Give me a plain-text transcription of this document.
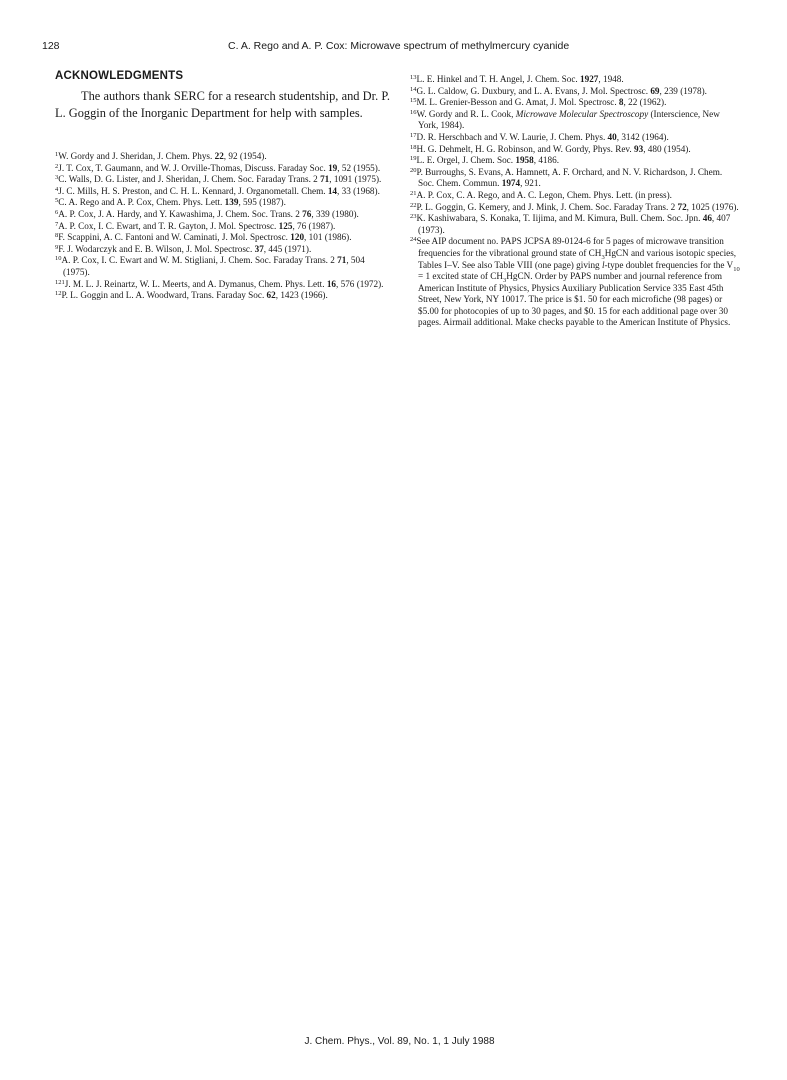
128	C. A. Rego and A. P. Cox: Microwave spectrum of methylmercury cyanide
ACKNOWLEDGMENTS

The authors thank SERC for a research studentship, and Dr. P. L. Goggin of the Inorganic Department for help with samples.

$^1$W. Gordy and J. Sheridan, J. Chem. Phys. 22, 92 (1954).

$^2$J. T. Cox, T. Gaumann, and W. J. Orville-Thomas, Discuss. Faraday Soc. 19, 52 (1955).

$^3$C. Walls, D. G. Lister, and J. Sheridan, J. Chem. Soc. Faraday Trans. 2 71, 1091 (1975).

$^4$J. C. Mills, H. S. Preston, and C. H. L. Kennard, J. Organometall. Chem. 14, 33 (1968).

$^5$C. A. Rego and A. P. Cox, Chem. Phys. Lett. 139, 595 (1987).

$^6$A. P. Cox, J. A. Hardy, and Y. Kawashima, J. Chem. Soc. Trans. 2 76, 339 (1980).

$^7$A. P. Cox, I. C. Ewart, and T. R. Gayton, J. Mol. Spectrosc. 125, 76 (1987).

$^8$F. Scappini, A. C. Fantoni and W. Caminati, J. Mol. Spectrosc. 120, 101 (1986).

$^9$F. J. Wodarczyk and E. B. Wilson, J. Mol. Spectrosc. 37, 445 (1971).

$^{10}$A. P. Cox, I. C. Ewart and W. M. Stigliani, J. Chem. Soc. Faraday Trans. 2 71, 504 (1975).

$^{121}$J. M. L. J. Reinartz, W. L. Meerts, and A. Dymanus, Chem. Phys. Lett. 16, 576 (1972).

$^{12}$P. L. Goggin and L. A. Woodward, Trans. Faraday Soc. 62, 1423 (1966).

$^{13}$L. E. Hinkel and T. H. Angel, J. Chem. Soc. 1927, 1948.

$^{14}$G. L. Caldow, G. Duxbury, and L. A. Evans, J. Mol. Spectrosc. 69, 239 (1978).

$^{15}$M. L. Grenier-Besson and G. Amat, J. Mol. Spectrosc. 8, 22 (1962).

$^{16}$W. Gordy and R. L. Cook, Microwave Molecular Spectroscopy (Interscience, New York, 1984).

$^{17}$D. R. Herschbach and V. W. Laurie, J. Chem. Phys. 40, 3142 (1964).

$^{18}$H. G. Dehmelt, H. G. Robinson, and W. Gordy, Phys. Rev. 93, 480 (1954).

$^{19}$L. E. Orgel, J. Chem. Soc. 1958, 4186.

$^{20}$P. Burroughs, S. Evans, A. Hamnett, A. F. Orchard, and N. V. Richardson, J. Chem. Soc. Chem. Commun. 1974, 921.

$^{21}$A. P. Cox, C. A. Rego, and A. C. Legon, Chem. Phys. Lett. (in press).

$^{22}$P. L. Goggin, G. Kemery, and J. Mink, J. Chem. Soc. Faraday Trans. 2 72, 1025 (1976).

$^{23}$K. Kashiwabara, S. Konaka, T. Iijima, and M. Kimura, Bull. Chem. Soc. Jpn. 46, 407 (1973).

$^{24}$See AIP document no. PAPS JCPSA 89-0124-6 for 5 pages of microwave transition frequencies for the vibrational ground state of $CH_3HgCN$ and various isotopic species, Tables I–V. See also Table VIII (one page) giving l-type doublet frequencies for the $V_{10} = 1$ excited state of $CH_3HgCN$. Order by PAPS number and journal reference from American Institute of Physics, Physics Auxiliary Publication Service 335 East 45th Street, New York, NY 10017. The price is $1. 50 for each microfiche (98 pages) or $5.00 for photocopies of up to 30 pages, and $0. 15 for each additional page over 30 pages. Airmail additional. Make checks payable to the American Institute of Physics.

J. Chem. Phys., Vol. 89, No. 1, 1 July 1988
